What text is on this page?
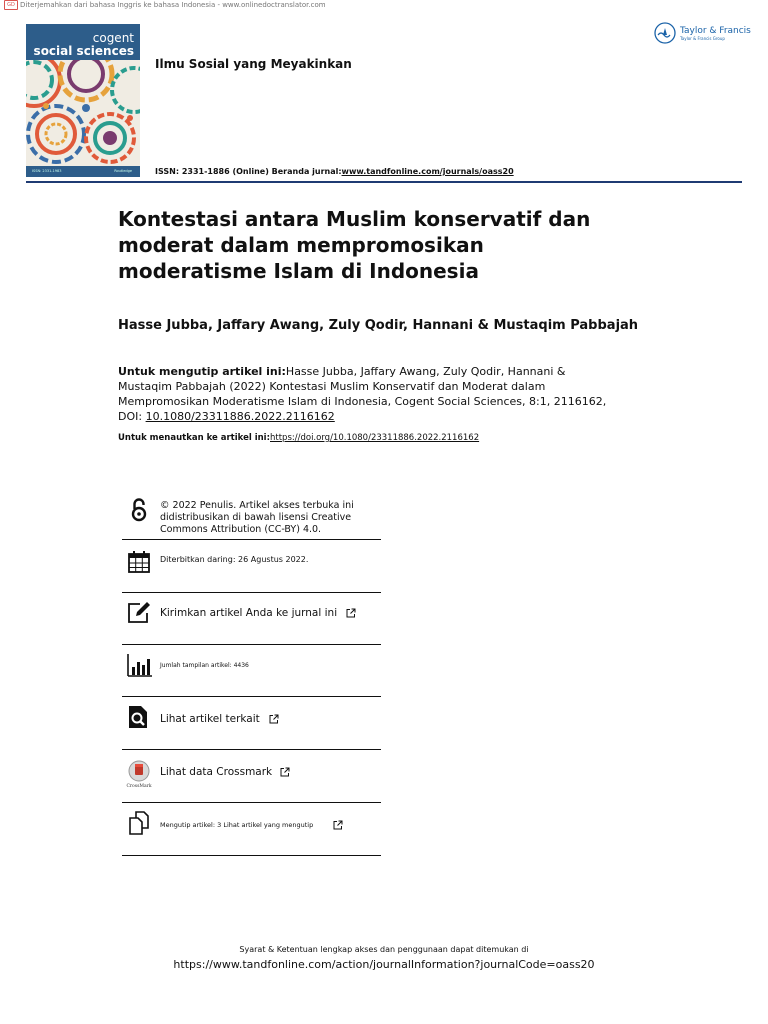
GD Diterjemahkan dari bahasa Inggris ke bahasa Indonesia - www.onlinedoctranslator.com
cogent
social sciences
ISSN: 2331-1983	Routledge
Ilmu Sosial yang Meyakinkan
ISSN: 2331-1886 (Online) Beranda jurnal:www.tandfonline.com/journals/oass20
Taylor & Francis
Taylor & Francis Group
Kontestasi antara Muslim konservatif dan moderat dalam mempromosikan moderatisme Islam di Indonesia
Hasse Jubba, Jaffary Awang, Zuly Qodir, Hannani & Mustaqim Pabbajah
Untuk mengutip artikel ini:Hasse Jubba, Jaffary Awang, Zuly Qodir, Hannani & Mustaqim Pabbajah (2022) Kontestasi Muslim Konservatif dan Moderat dalam Mempromosikan Moderatisme Islam di Indonesia, Cogent Social Sciences, 8:1, 2116162, DOI: 10.1080/23311886.2022.2116162
Untuk menautkan ke artikel ini:https://doi.org/10.1080/23311886.2022.2116162
© 2022 Penulis. Artikel akses terbuka ini didistribusikan di bawah lisensi Creative Commons Attribution (CC-BY) 4.0.
Diterbitkan daring: 26 Agustus 2022.
Kirimkan artikel Anda ke jurnal ini
Jumlah tampilan artikel: 4436
Lihat artikel terkait
CrossMark
Lihat data Crossmark
Mengutip artikel: 3 Lihat artikel yang mengutip
Syarat & Ketentuan lengkap akses dan penggunaan dapat ditemukan di
https://www.tandfonline.com/action/journalInformation?journalCode=oass20
